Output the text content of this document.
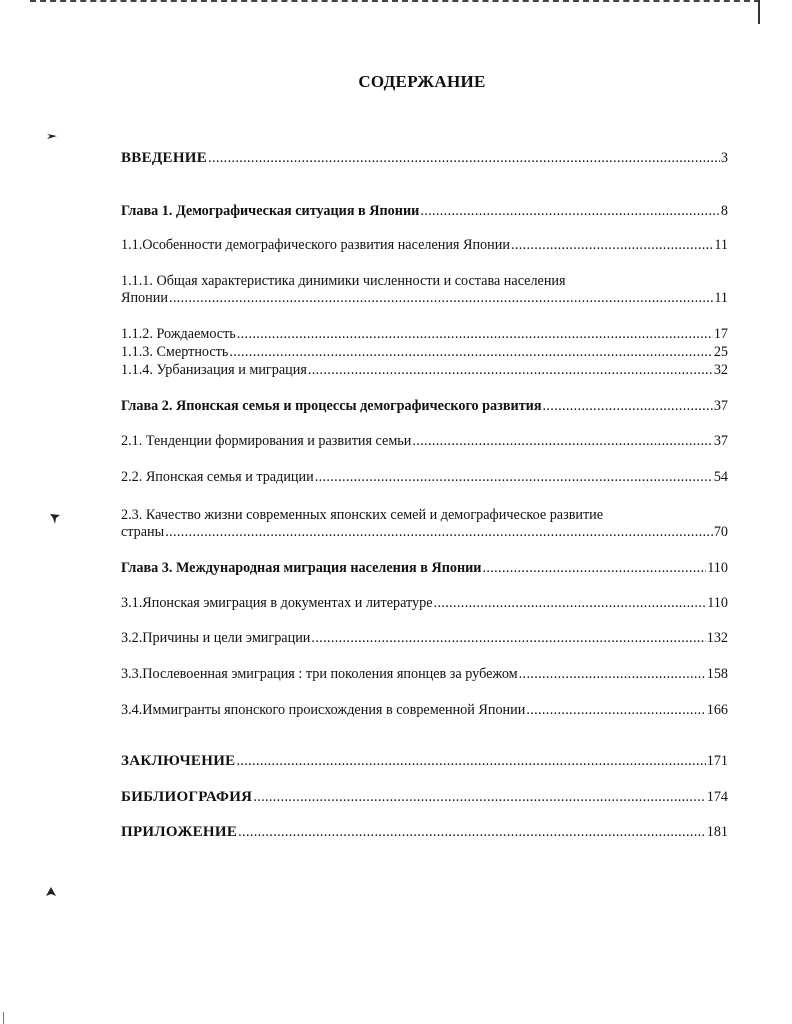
СОДЕРЖАНИЕ
ВВЕДЕНИЕ . . .	3
Глава 1. Демографическая ситуация в Японии . . .	8
1.1.Особенности демографического развития населения Японии . . .	11
1.1.1. Общая характеристика динимики численности и состава населения
Японии . . .	11
1.1.2. Рождаемость . . .	17
1.1.3. Смертность . . .	25
1.1.4. Урбанизация и миграция . . .	32
Глава 2. Японская семья и процессы демографического развития . . .	37
2.1. Тенденции формирования и развития семьи . . .	37
2.2. Японская семья и традиции . . .	54
2.3. Качество жизни современных японских семей и демографическое развитие
страны . . .	70
Глава 3. Международная миграция населения в Японии . . .	110
3.1.Японская эмиграция в документах и литературе . . .	110
3.2.Причины и цели эмиграции . . .	132
3.3.Послевоенная эмиграция : три поколения японцев за рубежом . . .	158
3.4.Иммигранты японского происхождения в современной Японии . . .	166
ЗАКЛЮЧЕНИЕ . . .	171
БИБЛИОГРАФИЯ . . .	174
ПРИЛОЖЕНИЕ . . .	181
